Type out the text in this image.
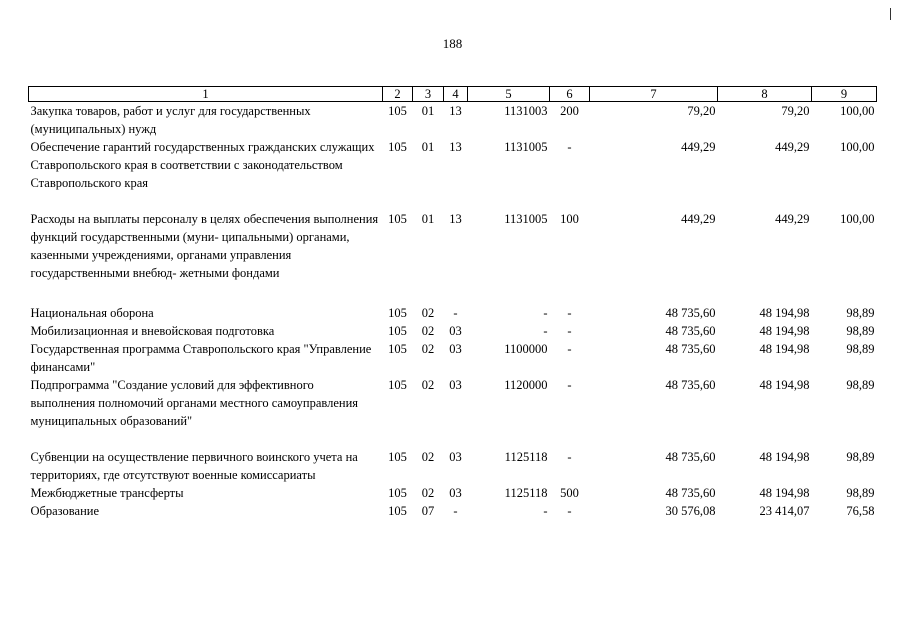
188
1	2	3	4	5	6	7	8	9
Закупка товаров, работ и услуг для государственных (муниципальных) нужд	105	01	13	1131003	200	79,20	79,20	100,00
Обеспечение гарантий государственных гражданских служащих Ставропольского края в соответствии с законодательством Ставропольского края	105	01	13	1131005	-	449,29	449,29	100,00

Расходы на выплаты персоналу в целях обеспечения выполнения функций государственными (муни- ципальными) органами, казенными учреждениями, органами управления государственными внебюд- жетными фондами	105	01	13	1131005	100	449,29	449,29	100,00

Национальная оборона	105	02	-	-	-	48 735,60	48 194,98	98,89
Мобилизационная и вневойсковая подготовка	105	02	03	-	-	48 735,60	48 194,98	98,89
Государственная программа Ставропольского края "Управление финансами"	105	02	03	1100000	-	48 735,60	48 194,98	98,89
Подпрограмма "Создание условий для эффективного выполнения полномочий органами местного самоуправления муниципальных образований"	105	02	03	1120000	-	48 735,60	48 194,98	98,89

Субвенции на осуществление первичного воинского учета на территориях, где отсутствуют военные комиссариаты	105	02	03	1125118	-	48 735,60	48 194,98	98,89
Межбюджетные трансферты	105	02	03	1125118	500	48 735,60	48 194,98	98,89
Образование	105	07	-	-	-	30 576,08	23 414,07	76,58
